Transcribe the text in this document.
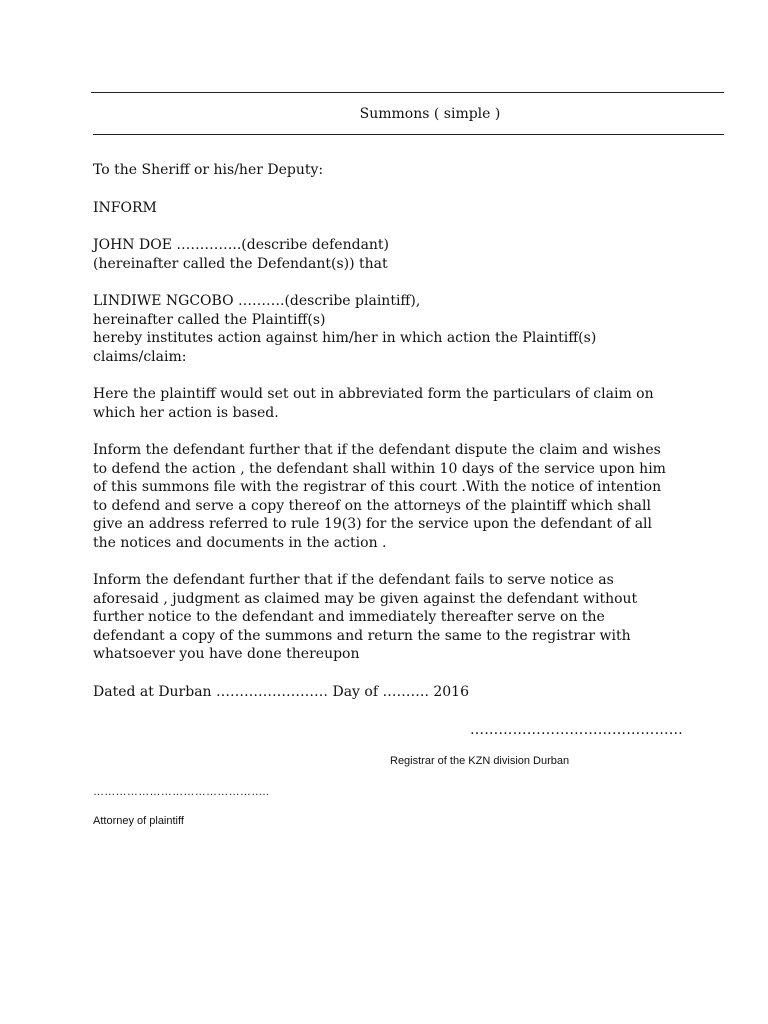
Summons ( simple )

To the Sheriff or his/her Deputy:

INFORM

JOHN DOE …………..(describe defendant)

(hereinafter called the Defendant(s)) that

LINDIWE NGCOBO ……….(describe plaintiff),

hereinafter called the Plaintiff(s)

hereby institutes action against him/her in which action the Plaintiff(s)

claims/claim:

Here the plaintiff would set out in abbreviated form the particulars of claim on

which her action is based.

Inform the defendant further that if the defendant dispute the claim and wishes

to defend the action , the defendant shall within 10 days of the service upon him

of this summons file with the registrar of this court .With the notice of intention

to defend and serve a copy thereof on the attorneys of the plaintiff which shall

give an address referred to rule 19(3) for the service upon the defendant of all

the notices and documents in the action .

Inform the defendant further that if the defendant fails to serve notice as

aforesaid , judgment as claimed may be given against the defendant without

further notice to the defendant and immediately thereafter serve on the

defendant a copy of the summons and return the same to the registrar with

whatsoever you have done thereupon

Dated at Durban …………………… Day of ………. 2016

………………………………………
Registrar of the KZN division Durban
………………………………………..
Attorney of plaintiff
